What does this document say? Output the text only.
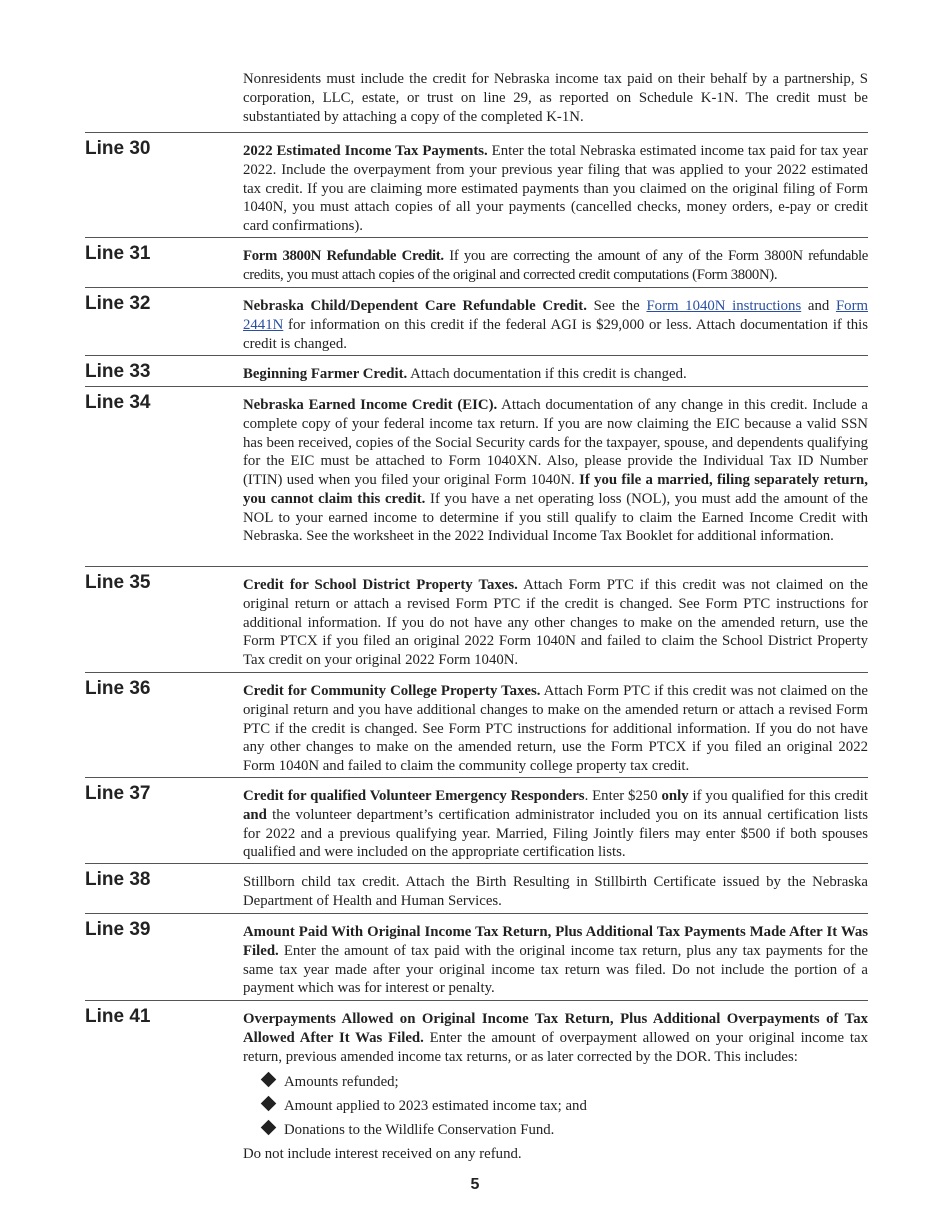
Nonresidents must include the credit for Nebraska income tax paid on their behalf by a partnership, S corporation, LLC, estate, or trust on line 29, as reported on Schedule K-1N. The credit must be substantiated by attaching a copy of the completed K-1N.

Line 30	2022 Estimated Income Tax Payments. Enter the total Nebraska estimated income tax paid for tax year 2022. Include the overpayment from your previous year filing that was applied to your 2022 estimated tax credit. If you are claiming more estimated payments than you claimed on the original filing of Form 1040N, you must attach copies of all your payments (cancelled checks, money orders, e-pay or credit card confirmations).

Line 31	Form 3800N Refundable Credit. If you are correcting the amount of any of the Form 3800N refundable credits, you must attach copies of the original and corrected credit computations (Form 3800N).

Line 32	Nebraska Child/Dependent Care Refundable Credit. See the Form 1040N instructions and Form 2441N for information on this credit if the federal AGI is $29,000 or less. Attach documentation if this credit is changed.

Line 33	Beginning Farmer Credit. Attach documentation if this credit is changed.

Line 34	Nebraska Earned Income Credit (EIC). Attach documentation of any change in this credit. Include a complete copy of your federal income tax return. If you are now claiming the EIC because a valid SSN has been received, copies of the Social Security cards for the taxpayer, spouse, and dependents qualifying for the EIC must be attached to Form 1040XN. Also, please provide the Individual Tax ID Number (ITIN) used when you filed your original Form 1040N. If you file a married, filing separately return, you cannot claim this credit. If you have a net operating loss (NOL), you must add the amount of the NOL to your earned income to determine if you still qualify to claim the Earned Income Credit with Nebraska. See the worksheet in the 2022 Individual Income Tax Booklet for additional information.

Line 35	Credit for School District Property Taxes. Attach Form PTC if this credit was not claimed on the original return or attach a revised Form PTC if the credit is changed. See Form PTC instructions for additional information. If you do not have any other changes to make on the amended return, use the Form PTCX if you filed an original 2022 Form 1040N and failed to claim the School District Property Tax credit on your original 2022 Form 1040N.

Line 36	Credit for Community College Property Taxes. Attach Form PTC if this credit was not claimed on the original return and you have additional changes to make on the amended return or attach a revised Form PTC if the credit is changed. See Form PTC instructions for additional information. If you do not have any other changes to make on the amended return, use the Form PTCX if you filed an original 2022 Form 1040N and failed to claim the community college property tax credit.

Line 37	Credit for qualified Volunteer Emergency Responders. Enter $250 only if you qualified for this credit and the volunteer department’s certification administrator included you on its annual certification lists for 2022 and a previous qualifying year. Married, Filing Jointly filers may enter $500 if both spouses qualified and were included on the appropriate certification lists.

Line 38	Stillborn child tax credit. Attach the Birth Resulting in Stillbirth Certificate issued by the Nebraska Department of Health and Human Services.

Line 39	Amount Paid With Original Income Tax Return, Plus Additional Tax Payments Made After It Was Filed. Enter the amount of tax paid with the original income tax return, plus any tax payments for the same tax year made after your original income tax return was filed. Do not include the portion of a payment which was for interest or penalty.

Line 41	Overpayments Allowed on Original Income Tax Return, Plus Additional Overpayments of Tax Allowed After It Was Filed. Enter the amount of overpayment allowed on your original income tax return, previous amended income tax returns, or as later corrected by the DOR. This includes:

Amounts refunded;
Amount applied to 2023 estimated income tax; and
Donations to the Wildlife Conservation Fund.
Do not include interest received on any refund.
5
